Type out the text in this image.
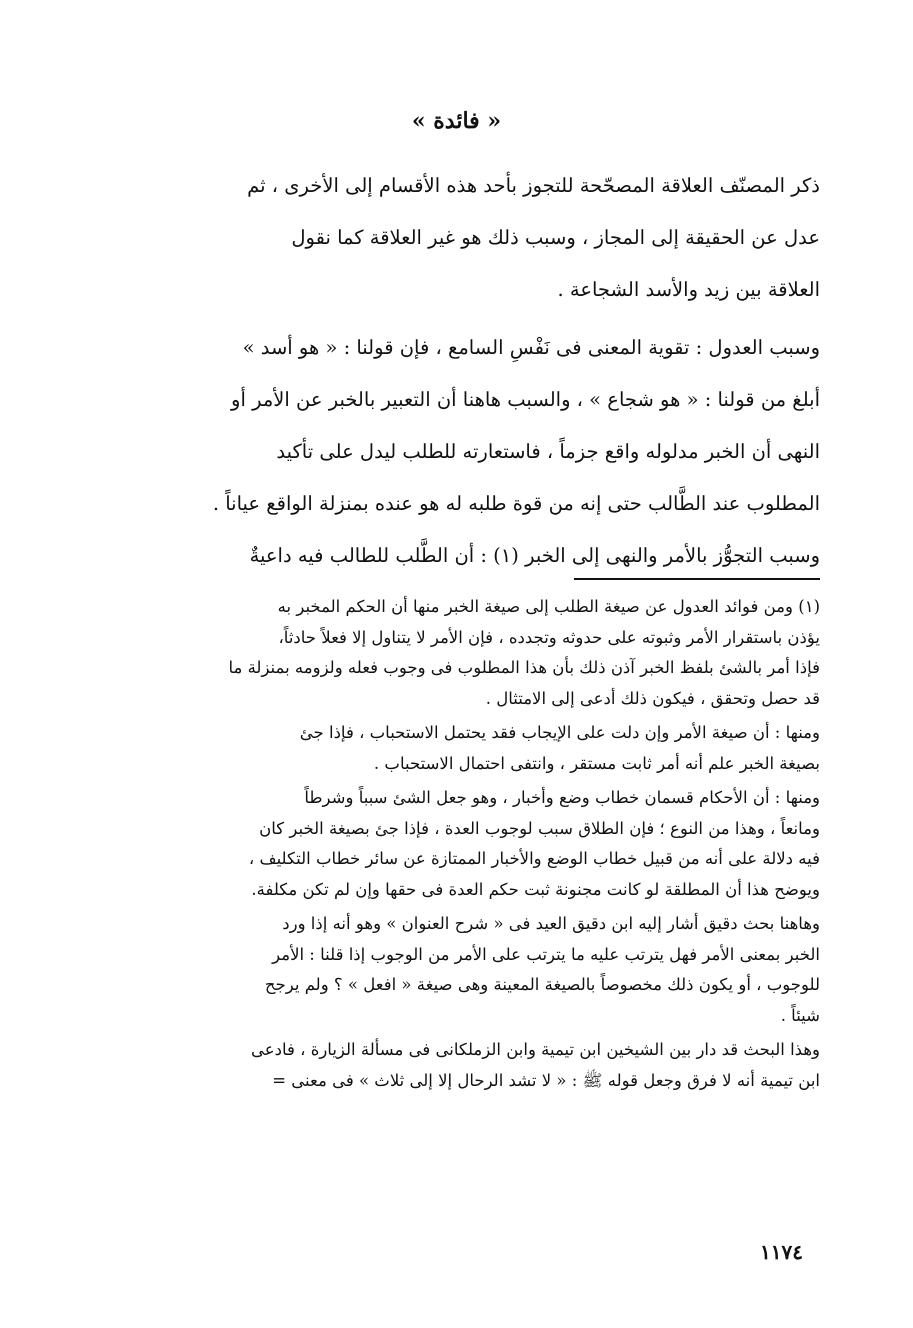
« فائدة »

ذكر المصنّف العلاقة المصحّحة للتجوز بأحد هذه الأقسام إلى الأخرى ، ثم
عدل عن الحقيقة إلى المجاز ، وسبب ذلك هو غير العلاقة كما نقول
العلاقة بين زيد والأسد الشجاعة .

وسبب العدول : تقوية المعنى فى نَفْسِ السامع ، فإن قولنا : « هو أسد »
أبلغ من قولنا : « هو شجاع » ، والسبب هاهنا أن التعبير بالخبر عن الأمر أو
النهى أن الخبر مدلوله واقع جزماً ، فاستعارته للطلب ليدل على تأكيد
المطلوب عند الطَّالب حتى إنه من قوة طلبه له هو عنده بمنزلة الواقع عياناً .

وسبب التجوُّز بالأمر والنهى إلى الخبر (١) : أن الطَّلب للطالب فيه داعيةٌ

(١) ومن فوائد العدول عن صيغة الطلب إلى صيغة الخبر منها أن الحكم المخبر به
يؤذن باستقرار الأمر وثبوته على حدوثه وتجدده ، فإن الأمر لا يتناول إلا فعلاً حادثاً،
فإذا أمر بالشئ بلفظ الخبر آذن ذلك بأن هذا المطلوب فى وجوب فعله ولزومه بمنزلة ما
قد حصل وتحقق ، فيكون ذلك أدعى إلى الامتثال .

ومنها : أن صيغة الأمر وإن دلت على الإيجاب فقد يحتمل الاستحباب ، فإذا جئ
بصيغة الخبر علم أنه أمر ثابت مستقر ، وانتفى احتمال الاستحباب .

ومنها : أن الأحكام قسمان خطاب وضع وأخبار ، وهو جعل الشئ سبباً وشرطاً
ومانعاً ، وهذا من النوع ؛ فإن الطلاق سبب لوجوب العدة ، فإذا جئ بصيغة الخبر كان
فيه دلالة على أنه من قبيل خطاب الوضع والأخبار الممتازة عن سائر خطاب التكليف ،
ويوضح هذا أن المطلقة لو كانت مجنونة ثبت حكم العدة فى حقها وإن لم تكن مكلفة.

وهاهنا بحث دقيق أشار إليه ابن دقيق العيد فى « شرح العنوان » وهو أنه إذا ورد
الخبر بمعنى الأمر فهل يترتب عليه ما يترتب على الأمر من الوجوب إذا قلنا : الأمر
للوجوب ، أو يكون ذلك مخصوصاً بالصيغة المعينة وهى صيغة « افعل » ؟ ولم يرجح
شيئاً .

وهذا البحث قد دار بين الشيخين ابن تيمية وابن الزملكانى فى مسألة الزيارة ، فادعى
ابن تيمية أنه لا فرق وجعل قوله ﷺ : « لا تشد الرحال إلا إلى ثلاث » فى معنى =

١١٧٤
